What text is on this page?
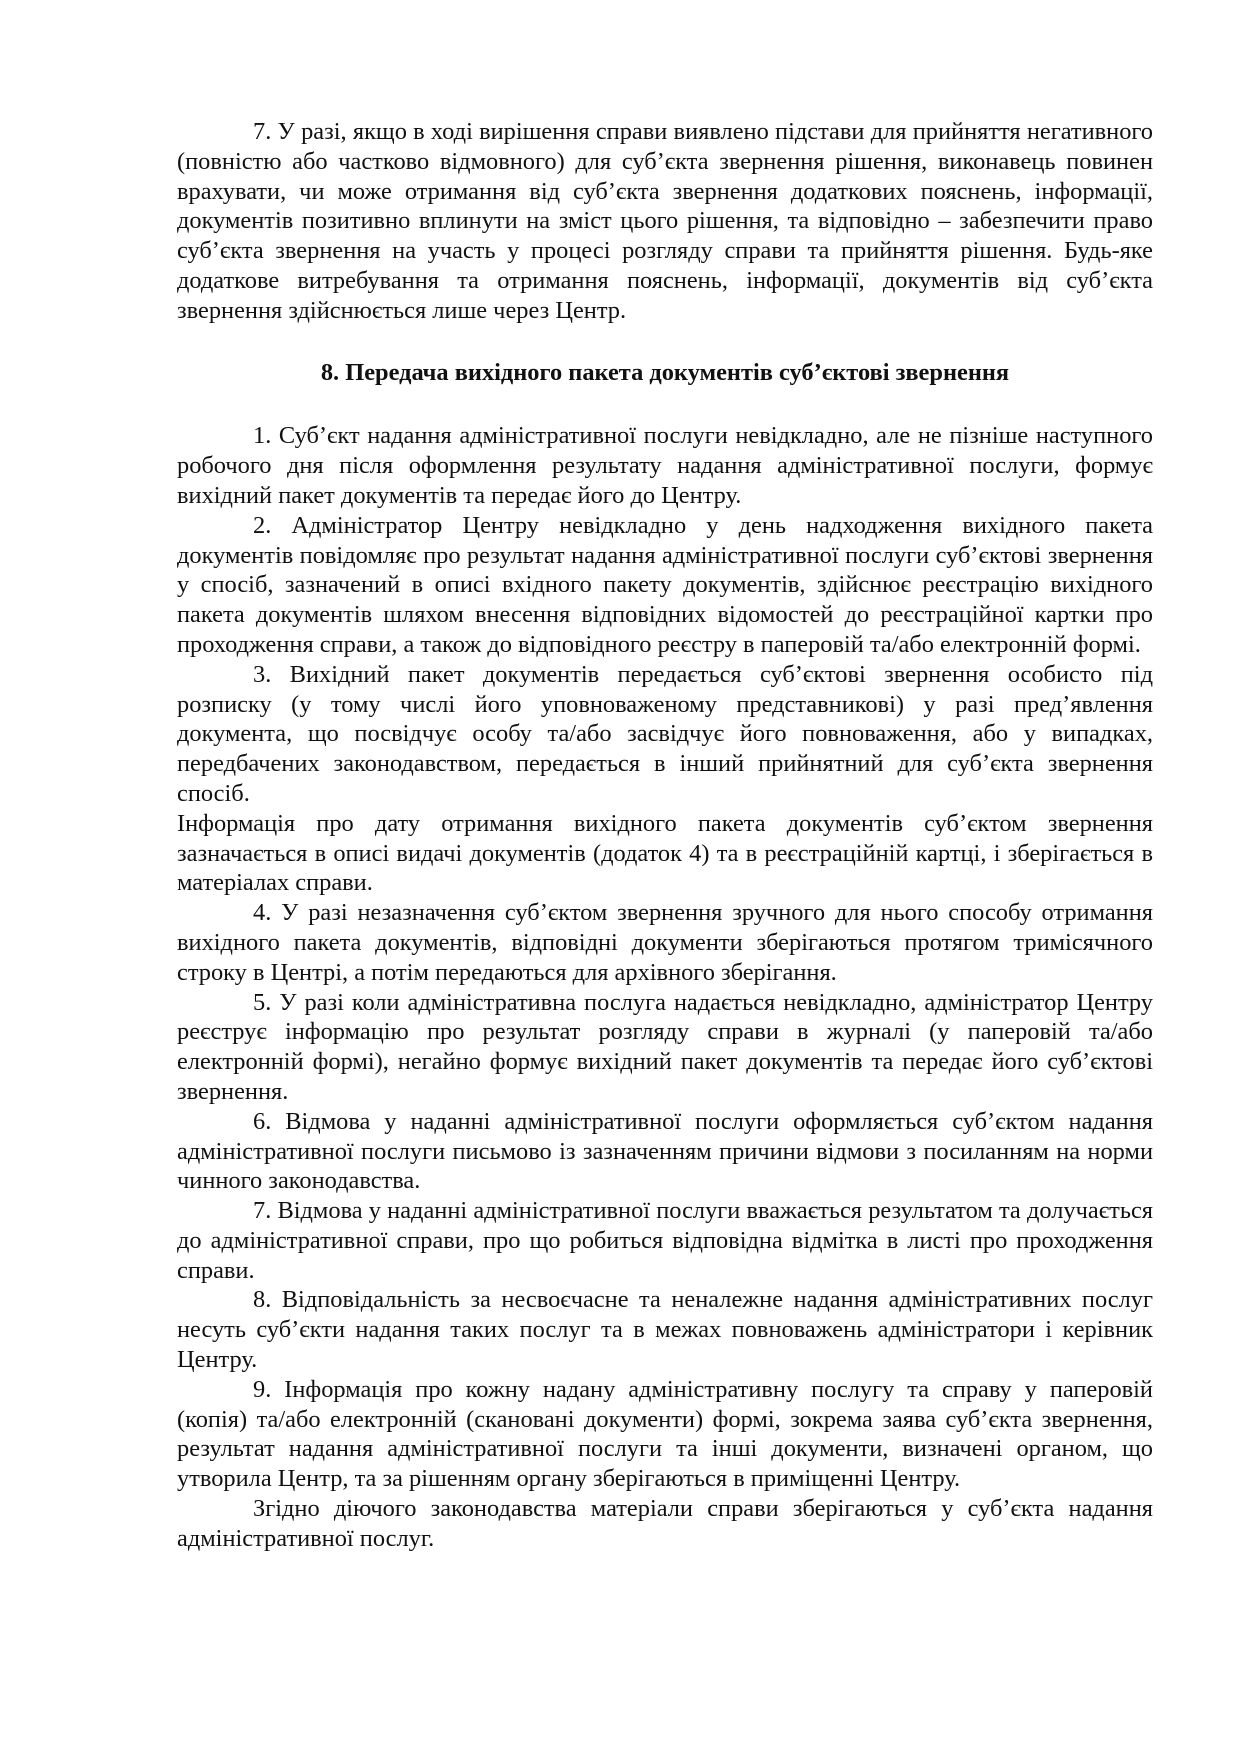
7. У разі, якщо в ході вирішення справи виявлено підстави для прийняття негативного (повністю або частково відмовного) для суб’єкта звернення рішення, виконавець повинен врахувати, чи може отримання від суб’єкта звернення додаткових пояснень, інформації, документів позитивно вплинути на зміст цього рішення, та відповідно – забезпечити право суб’єкта звернення на участь у процесі розгляду справи та прийняття рішення. Будь-яке додаткове витребування та отримання пояснень, інформації, документів від суб’єкта звернення здійснюється лише через Центр.

8. Передача вихідного пакета документів суб’єктові звернення

1. Суб’єкт надання адміністративної послуги невідкладно, але не пізніше наступного робочого дня після оформлення результату надання адміністративної послуги, формує вихідний пакет документів та передає його до Центру.

2. Адміністратор Центру невідкладно у день надходження вихідного пакета документів повідомляє про результат надання адміністративної послуги суб’єктові звернення у спосіб, зазначений в описі вхідного пакету документів, здійснює реєстрацію вихідного пакета документів шляхом внесення відповідних відомостей до реєстраційної картки про проходження справи, а також до відповідного реєстру в паперовій та/або електронній формі.

3. Вихідний пакет документів передається суб’єктові звернення особисто під розписку (у тому числі його уповноваженому представникові) у разі пред’явлення документа, що посвідчує особу та/або засвідчує його повноваження, або у випадках, передбачених законодавством, передається в інший прийнятний для суб’єкта звернення спосіб.

Інформація про дату отримання вихідного пакета документів суб’єктом звернення зазначається в описі видачі документів (додаток 4) та в реєстраційній картці, і зберігається в матеріалах справи.

4. У разі незазначення суб’єктом звернення зручного для нього способу отримання вихідного пакета документів, відповідні документи зберігаються протягом тримісячного строку в Центрі, а потім передаються для архівного зберігання.

5. У разі коли адміністративна послуга надається невідкладно, адміністратор Центру реєструє інформацію про результат розгляду справи в журналі (у паперовій та/або електронній формі), негайно формує вихідний пакет документів та передає його суб’єктові звернення.

6. Відмова у наданні адміністративної послуги оформляється суб’єктом надання адміністративної послуги письмово із зазначенням причини відмови з посиланням на норми чинного законодавства.

7. Відмова у наданні адміністративної послуги вважається результатом та долучається до адміністративної справи, про що робиться відповідна відмітка в листі про проходження справи.

8. Відповідальність за несвоєчасне та неналежне надання адміністративних послуг несуть суб’єкти надання таких послуг та в межах повноважень адміністратори і керівник Центру.

9. Інформація про кожну надану адміністративну послугу та справу у паперовій (копія) та/або електронній (скановані документи) формі, зокрема заява суб’єкта звернення, результат надання адміністративної послуги та інші документи, визначені органом, що утворила Центр, та за рішенням органу зберігаються в приміщенні Центру.

Згідно діючого законодавства матеріали справи зберігаються у суб’єкта надання адміністративної послуг.
